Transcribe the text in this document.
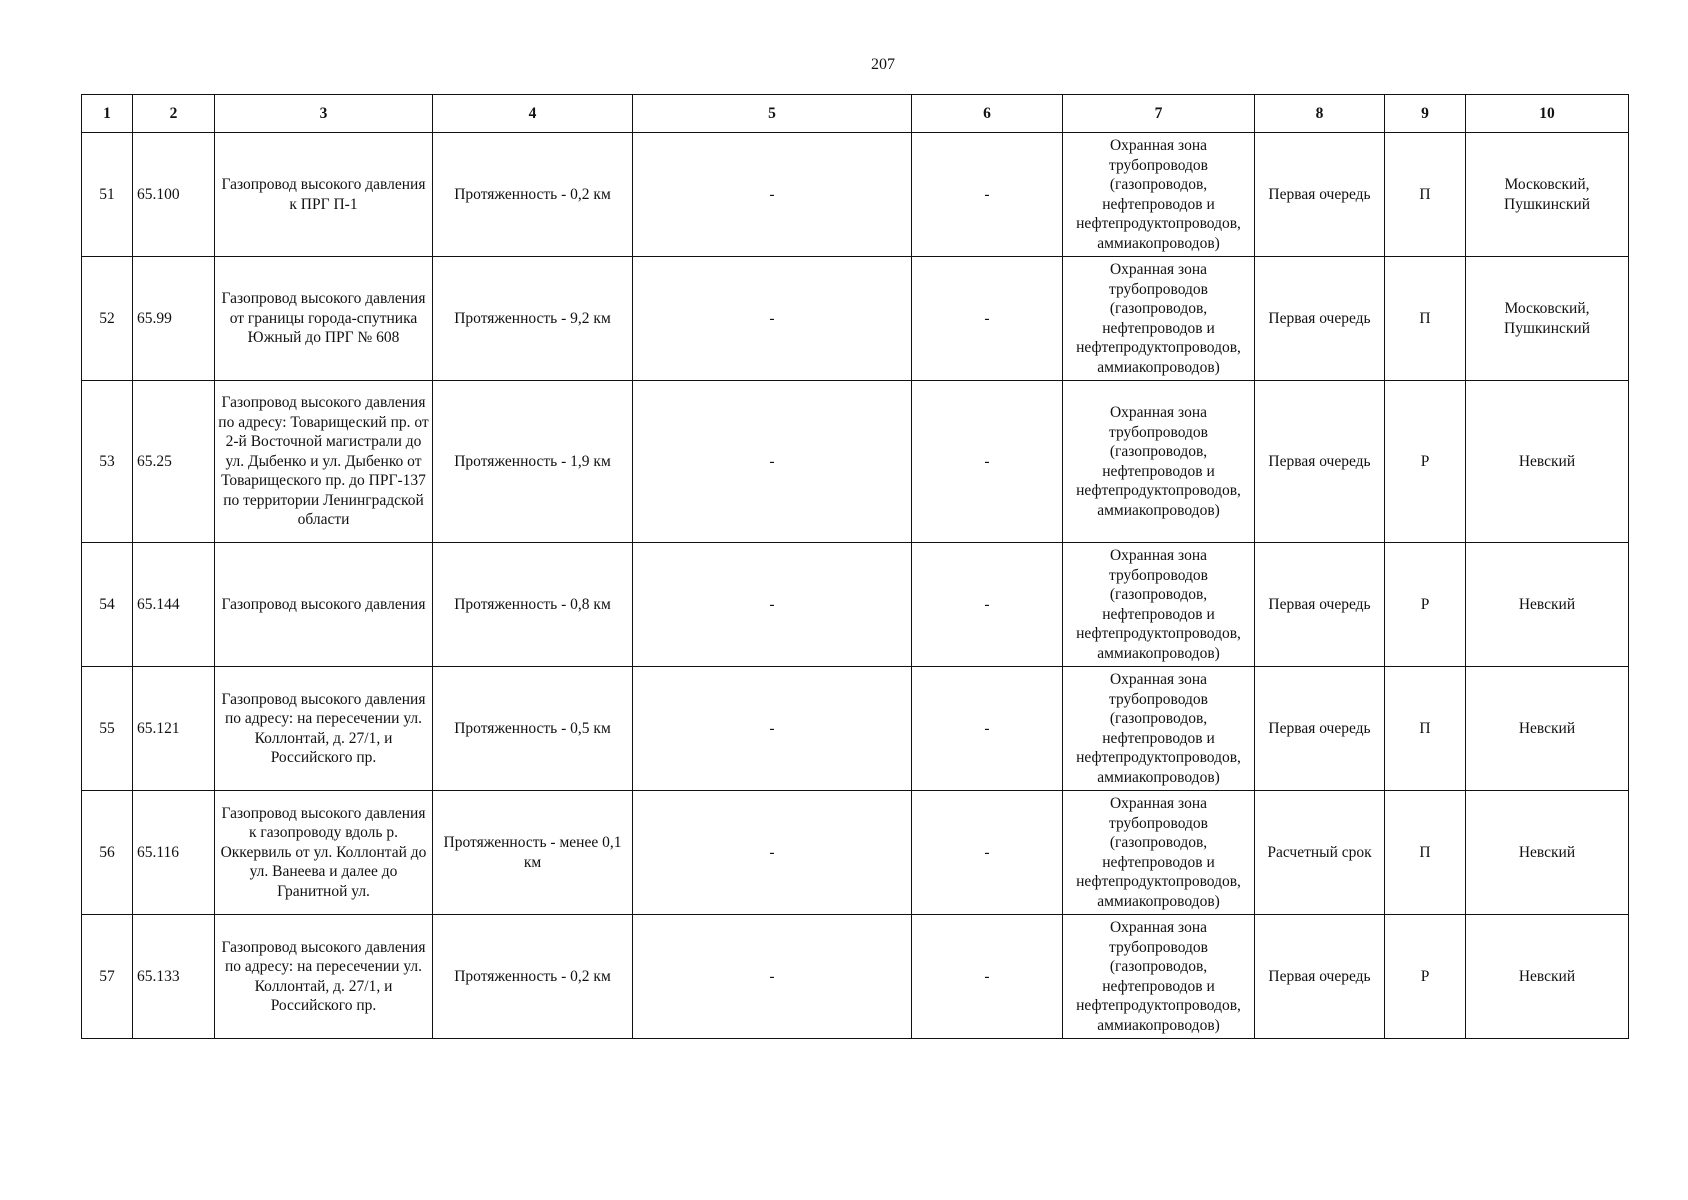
207
1	2	3	4	5	6	7	8	9	10
51	65.100	Газопровод высокого давления к ПРГ П-1	Протяженность - 0,2 км	-	-	Охранная зона трубопроводов (газопроводов, нефтепроводов и нефтепродуктопроводов, аммиакопроводов)	Первая очередь	П	Московский, Пушкинский
52	65.99	Газопровод высокого давления от границы города-спутника Южный до ПРГ № 608	Протяженность - 9,2 км	-	-	Охранная зона трубопроводов (газопроводов, нефтепроводов и нефтепродуктопроводов, аммиакопроводов)	Первая очередь	П	Московский, Пушкинский
53	65.25	Газопровод высокого давления по адресу: Товарищеский пр. от 2-й Восточной магистрали до ул. Дыбенко и ул. Дыбенко от Товарищеского пр. до ПРГ-137 по территории Ленинградской области	Протяженность - 1,9 км	-	-	Охранная зона трубопроводов (газопроводов, нефтепроводов и нефтепродуктопроводов, аммиакопроводов)	Первая очередь	Р	Невский
54	65.144	Газопровод высокого давления	Протяженность - 0,8 км	-	-	Охранная зона трубопроводов (газопроводов, нефтепроводов и нефтепродуктопроводов, аммиакопроводов)	Первая очередь	Р	Невский
55	65.121	Газопровод высокого давления по адресу: на пересечении ул. Коллонтай, д. 27/1, и Российского пр.	Протяженность - 0,5 км	-	-	Охранная зона трубопроводов (газопроводов, нефтепроводов и нефтепродуктопроводов, аммиакопроводов)	Первая очередь	П	Невский
56	65.116	Газопровод высокого давления к газопроводу вдоль р. Оккервиль от ул. Коллонтай до ул. Ванеева и далее до Гранитной ул.	Протяженность - менее 0,1 км	-	-	Охранная зона трубопроводов (газопроводов, нефтепроводов и нефтепродуктопроводов, аммиакопроводов)	Расчетный срок	П	Невский
57	65.133	Газопровод высокого давления по адресу: на пересечении ул. Коллонтай, д. 27/1, и Российского пр.	Протяженность - 0,2 км	-	-	Охранная зона трубопроводов (газопроводов, нефтепроводов и нефтепродуктопроводов, аммиакопроводов)	Первая очередь	Р	Невский
